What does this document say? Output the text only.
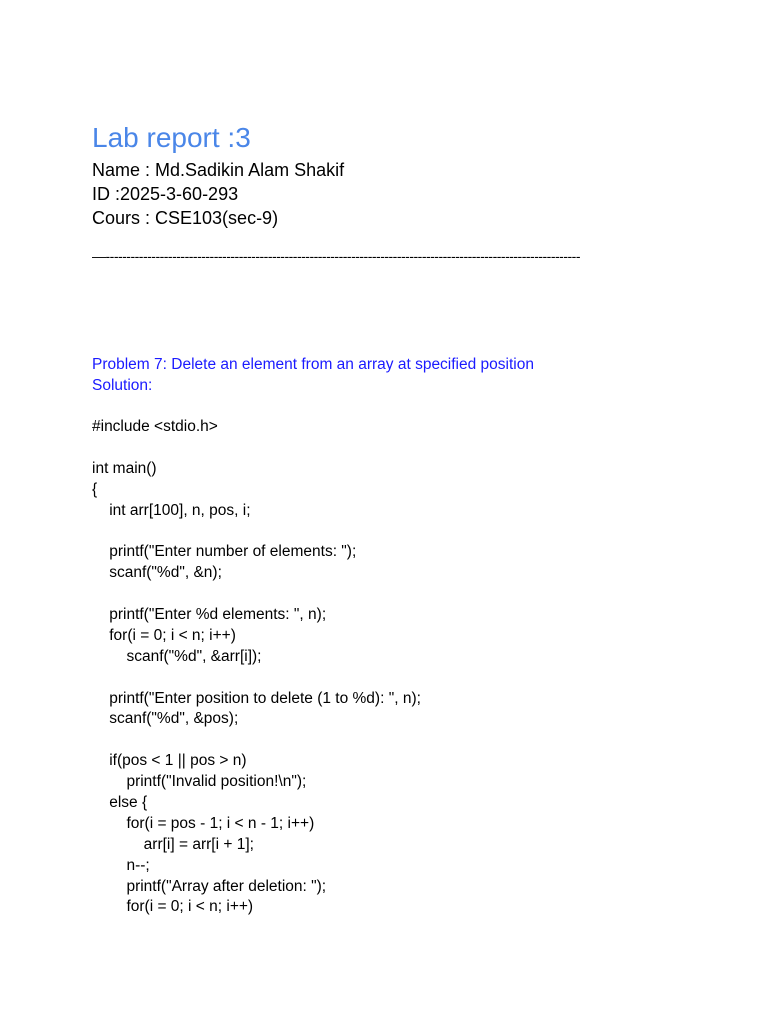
Lab report :3
Name : Md.Sadikin Alam Shakif
ID :2025-3-60-293
Cours : CSE103(sec-9)
—------------------------------------------------------------------------------------------------------------------
Problem 7: Delete an element from an array at specified position
Solution:
#include <stdio.h>
int main()
{
int arr[100], n, pos, i;
printf("Enter number of elements: ");
scanf("%d", &n);
printf("Enter %d elements: ", n);
for(i = 0; i < n; i++)
scanf("%d", &arr[i]);
printf("Enter position to delete (1 to %d): ", n);
scanf("%d", &pos);
if(pos < 1 || pos > n)
printf("Invalid position!\n");
else {
for(i = pos - 1; i < n - 1; i++)
arr[i] = arr[i + 1];
n--;
printf("Array after deletion: ");
for(i = 0; i < n; i++)
